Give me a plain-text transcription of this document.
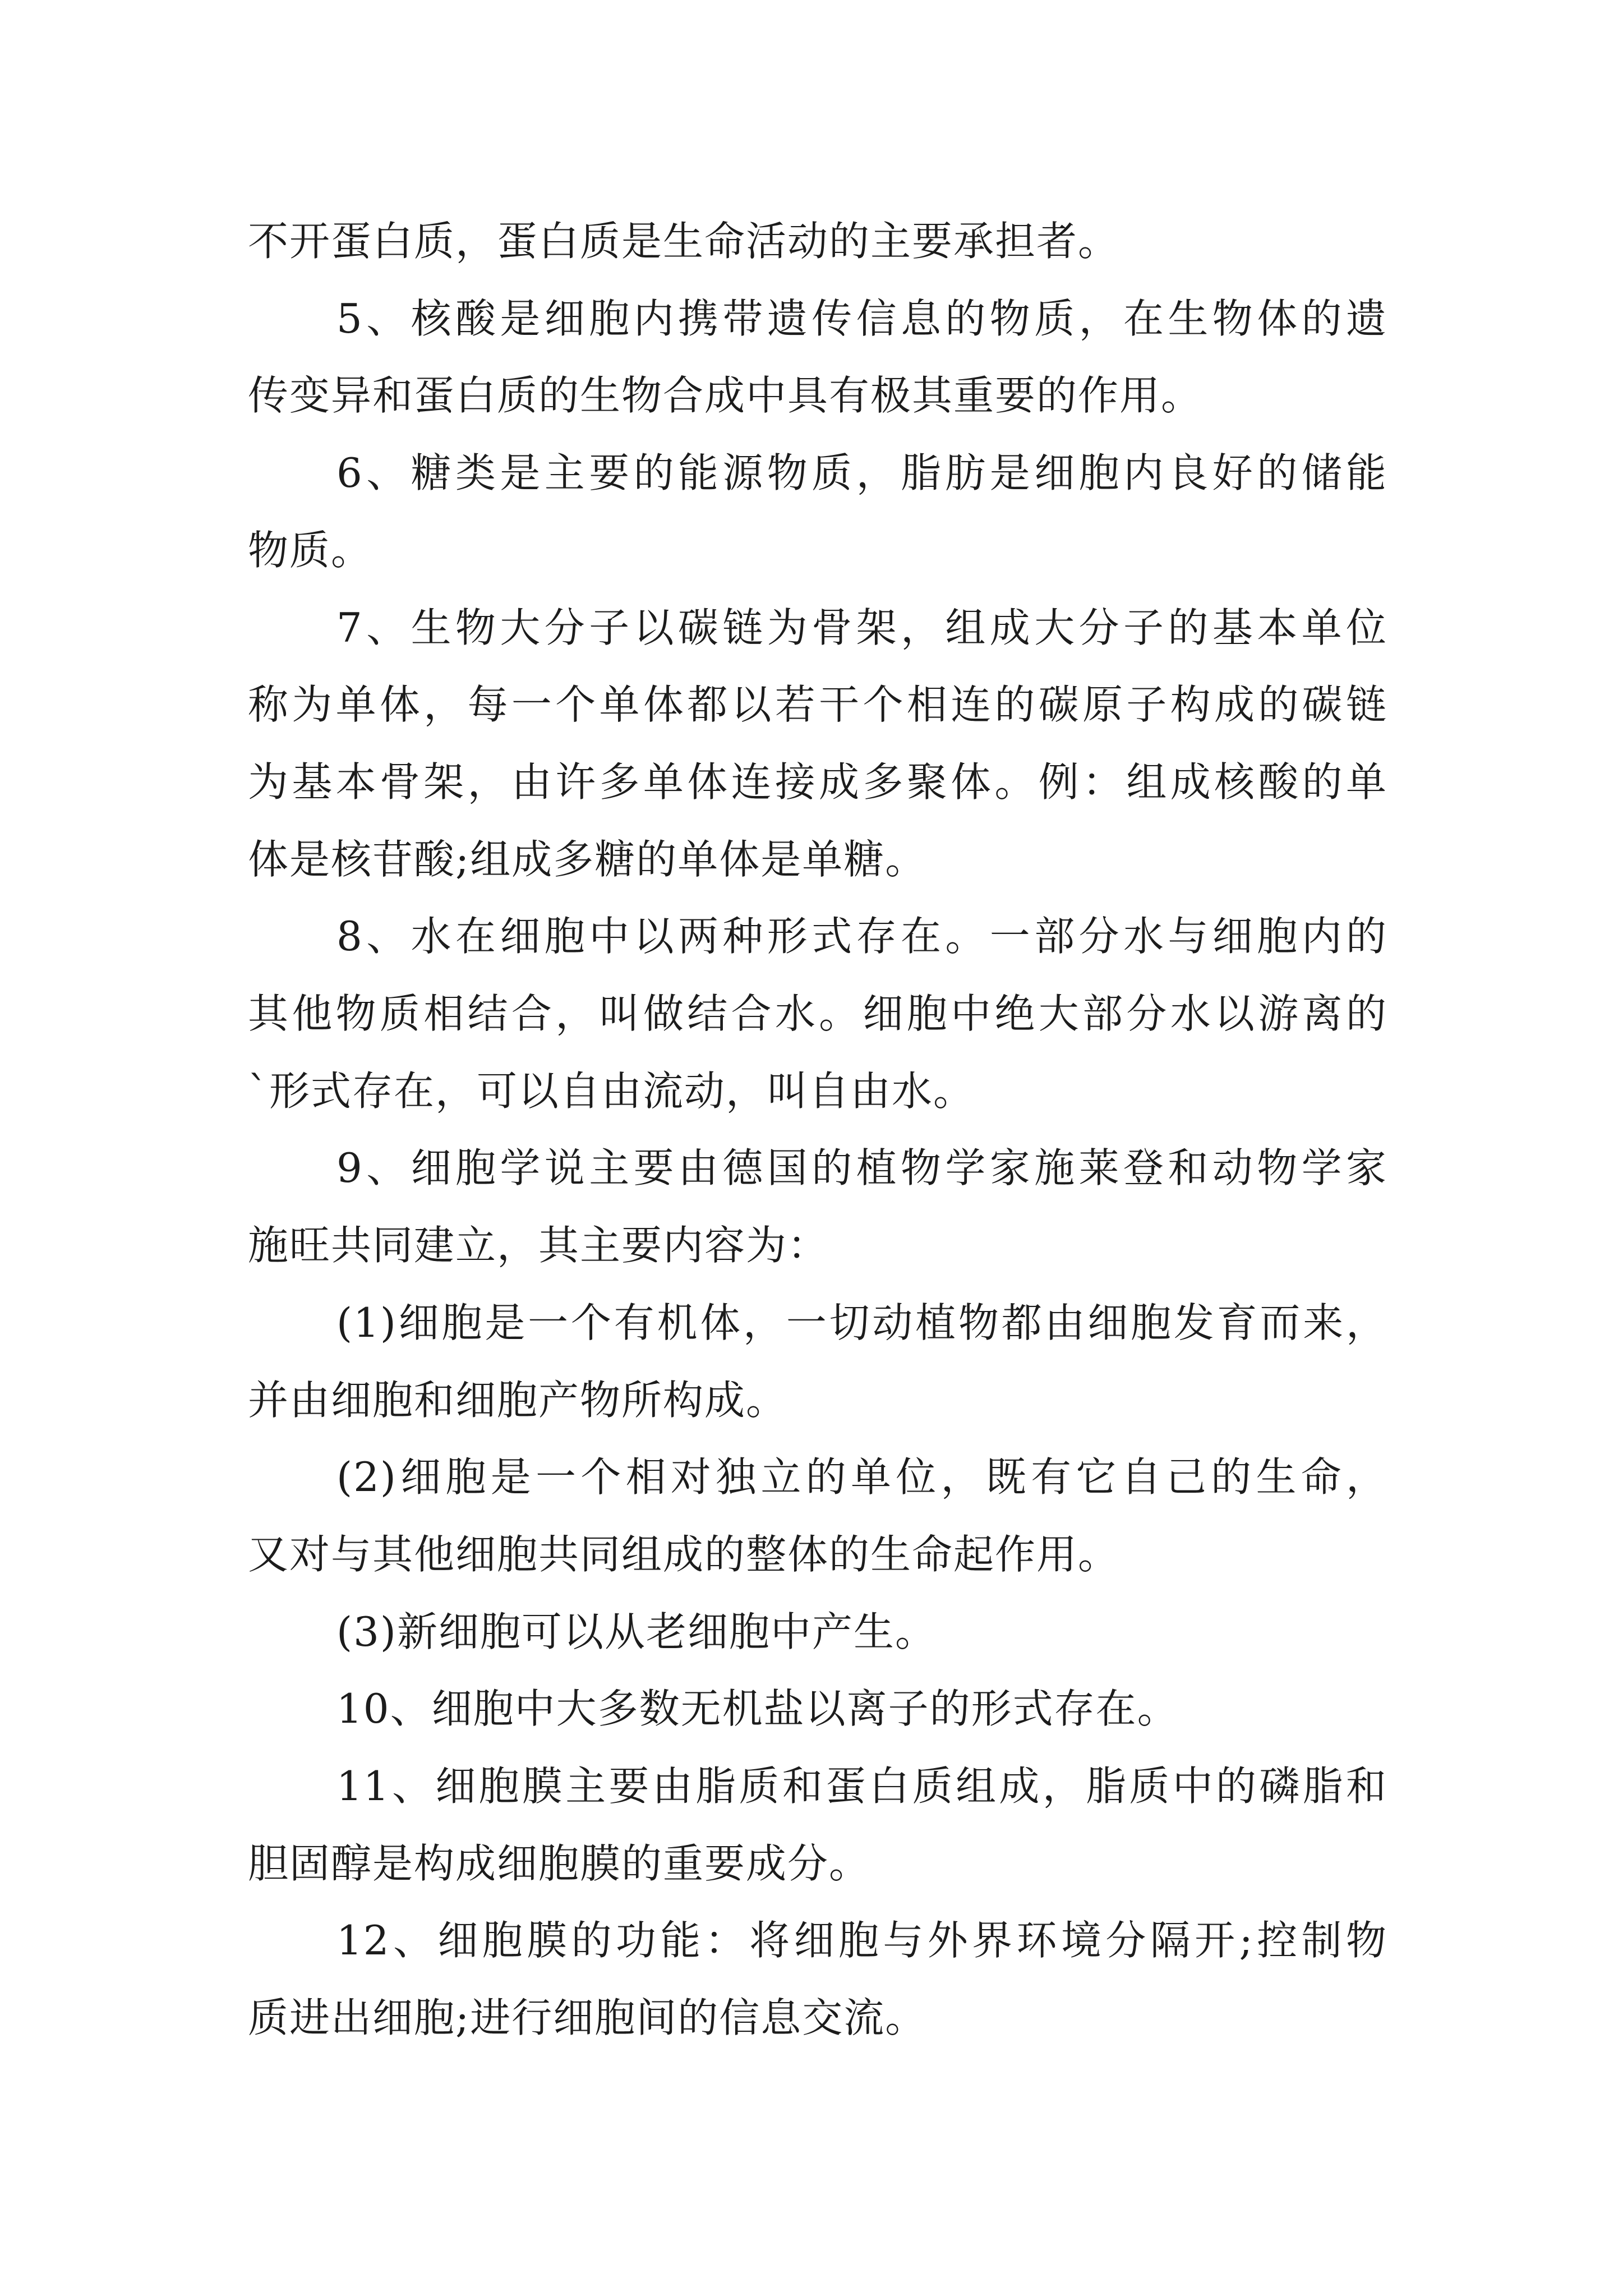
不开蛋白质，蛋白质是生命活动的主要承担者。
5、核酸是细胞内携带遗传信息的物质，在生物体的遗
传变异和蛋白质的生物合成中具有极其重要的作用。
6、糖类是主要的能源物质，脂肪是细胞内良好的储能
物质。
7、生物大分子以碳链为骨架，组成大分子的基本单位
称为单体，每一个单体都以若干个相连的碳原子构成的碳链
为基本骨架，由许多单体连接成多聚体。例：组成核酸的单
体是核苷酸;组成多糖的单体是单糖。
8、水在细胞中以两种形式存在。一部分水与细胞内的
其他物质相结合，叫做结合水。细胞中绝大部分水以游离的
`形式存在，可以自由流动，叫自由水。
9、细胞学说主要由德国的植物学家施莱登和动物学家
施旺共同建立，其主要内容为：
(1)细胞是一个有机体，一切动植物都由细胞发育而来，
并由细胞和细胞产物所构成。
(2)细胞是一个相对独立的单位，既有它自己的生命，
又对与其他细胞共同组成的整体的生命起作用。
(3)新细胞可以从老细胞中产生。
10、细胞中大多数无机盐以离子的形式存在。
11、细胞膜主要由脂质和蛋白质组成，脂质中的磷脂和
胆固醇是构成细胞膜的重要成分。
12、细胞膜的功能：将细胞与外界环境分隔开;控制物
质进出细胞;进行细胞间的信息交流。
